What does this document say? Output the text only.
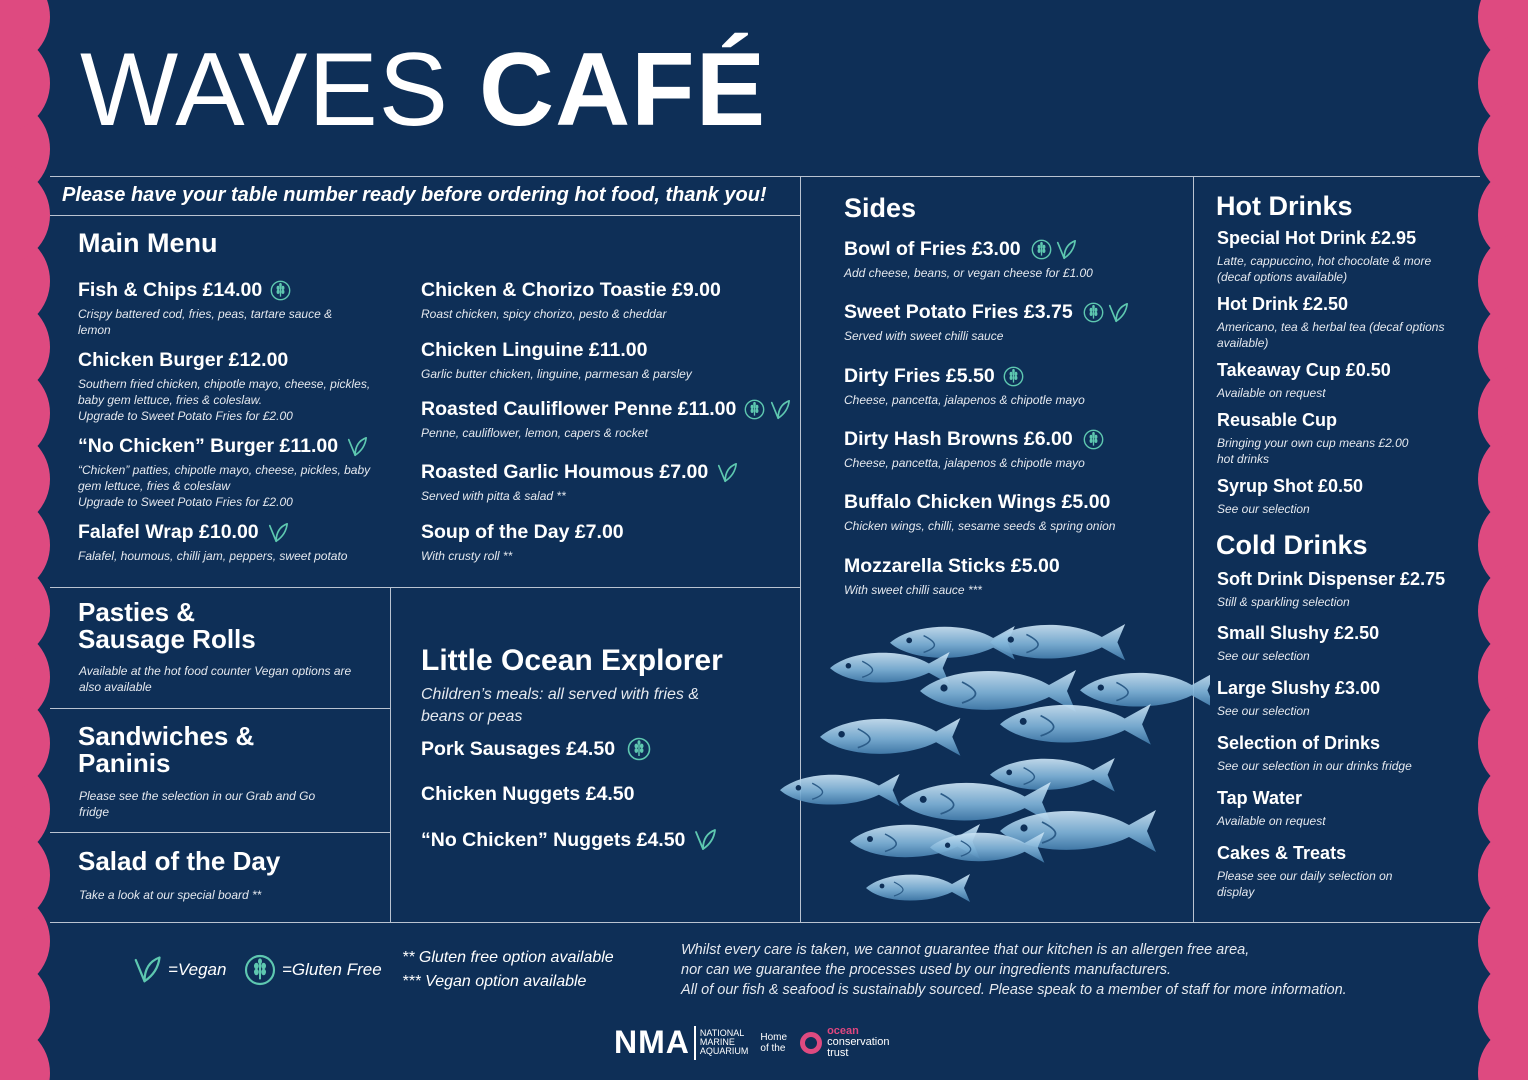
WAVES CAFÉ
Please have your table number ready before ordering hot food, thank you!
Main Menu
Fish & Chips £14.00
Crispy battered cod, fries, peas, tartare sauce & lemon
Chicken Burger £12.00
Southern fried chicken, chipotle mayo, cheese, pickles, baby gem lettuce, fries & coleslaw.
Upgrade to Sweet Potato Fries for £2.00
“No Chicken” Burger £11.00
“Chicken” patties, chipotle mayo, cheese, pickles, baby gem lettuce, fries & coleslaw
Upgrade to Sweet Potato Fries for £2.00
Falafel Wrap £10.00
Falafel, houmous, chilli jam, peppers, sweet potato
Chicken & Chorizo Toastie £9.00
Roast chicken, spicy chorizo, pesto & cheddar
Chicken Linguine £11.00
Garlic butter chicken, linguine, parmesan & parsley
Roasted Cauliflower Penne £11.00
Penne, cauliflower, lemon, capers & rocket
Roasted Garlic Houmous £7.00
Served with pitta & salad **
Soup of the Day £7.00
With crusty roll **
Pasties &
Sausage Rolls
Available at the hot food counter Vegan options are also available
Sandwiches &
Paninis
Please see the selection in our Grab and Go fridge
Salad of the Day
Take a look at our special board **
Little Ocean Explorer
Children’s meals: all served with fries & beans or peas
Pork Sausages £4.50
Chicken Nuggets £4.50
“No Chicken” Nuggets £4.50
Sides
Bowl of Fries £3.00
Add cheese, beans, or vegan cheese for £1.00
Sweet Potato Fries £3.75
Served with sweet chilli sauce
Dirty Fries £5.50
Cheese, pancetta, jalapenos & chipotle mayo
Dirty Hash Browns £6.00
Cheese, pancetta, jalapenos & chipotle mayo
Buffalo Chicken Wings £5.00
Chicken wings, chilli, sesame seeds & spring onion
Mozzarella Sticks £5.00
With sweet chilli sauce ***
Hot Drinks
Special Hot Drink £2.95
Latte, cappuccino, hot chocolate & more (decaf options available)
Hot Drink £2.50
Americano, tea & herbal tea (decaf options available)
Takeaway Cup £0.50
Available on request
Reusable Cup
Bringing your own cup means £2.00 hot drinks
Syrup Shot £0.50
See our selection
Cold Drinks
Soft Drink Dispenser £2.75
Still & sparkling selection
Small Slushy £2.50
See our selection
Large Slushy £3.00
See our selection
Selection of Drinks
See our selection in our drinks fridge
Tap Water
Available on request
Cakes & Treats
Please see our daily selection on display
=Vegan	=Gluten Free
** Gluten free option available
*** Vegan option available
Whilst every care is taken, we cannot guarantee that our kitchen is an allergen free area,
nor can we guarantee the processes used by our ingredients manufacturers.
All of our fish & seafood is sustainably sourced. Please speak to a member of staff for more information.
NMA NATIONAL
MARINE
AQUARIUM
Home
of the
ocean
conservation
trust
